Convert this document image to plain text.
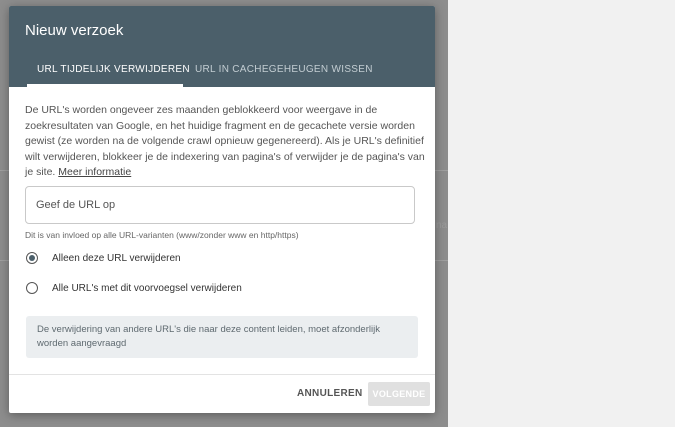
na
Nieuw verzoek
URL TIJDELIJK VERWIJDEREN URL IN CACHEGEHEUGEN WISSEN
De URL's worden ongeveer zes maanden geblokkeerd voor weergave in de zoekresultaten van Google, en het huidige fragment en de gecachete versie worden gewist (ze worden na de volgende crawl opnieuw gegenereerd). Als je URL's definitief wilt verwijderen, blokkeer je de indexering van pagina's of verwijder je de pagina's van je site. Meer informatie
Geef de URL op
Dit is van invloed op alle URL-varianten (www/zonder www en http/https)
Alleen deze URL verwijderen
Alle URL's met dit voorvoegsel verwijderen
De verwijdering van andere URL's die naar deze content leiden, moet afzonderlijk worden aangevraagd
ANNULEREN	VOLGENDE
